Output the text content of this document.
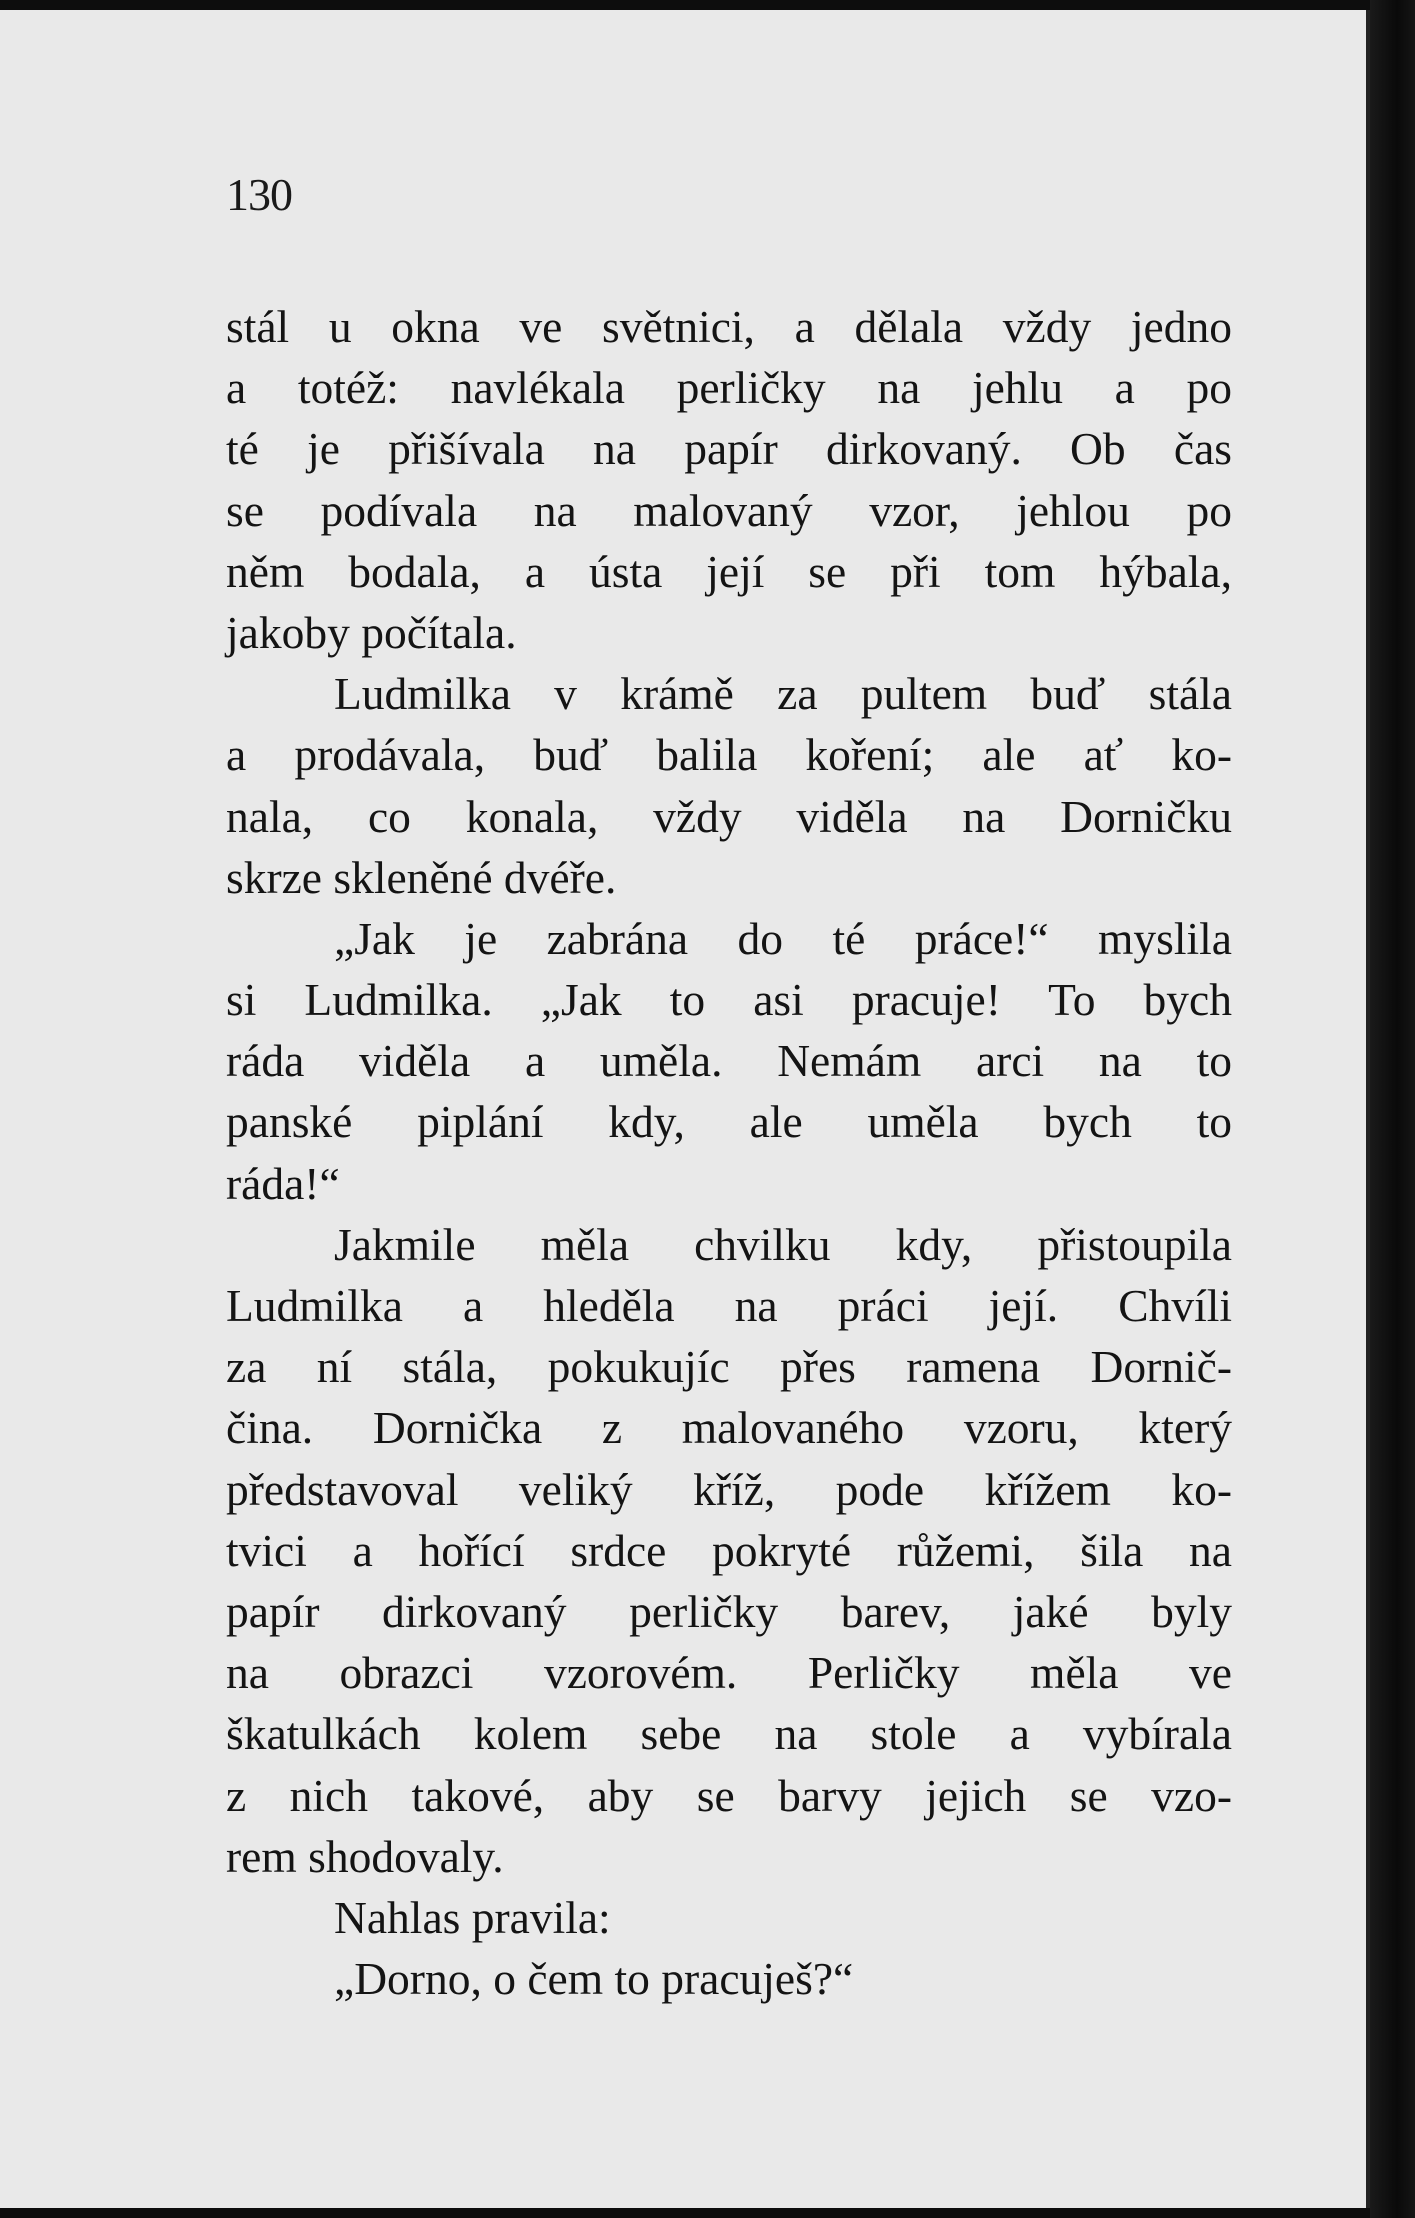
130
stál u okna ve světnici, a dělala vždy jedno
a totéž: navlékala perličky na jehlu a po
té je přišívala na papír dirkovaný. Ob čas
se podívala na malovaný vzor, jehlou po
něm bodala, a ústa její se při tom hýbala,
jakoby počítala.
Ludmilka v krámě za pultem buď stála
a prodávala, buď balila koření; ale ať ko-
nala, co konala, vždy viděla na Dorničku
skrze skleněné dvéře.
„Jak je zabrána do té práce!“ myslila
si Ludmilka. „Jak to asi pracuje! To bych
ráda viděla a uměla. Nemám arci na to
panské piplání kdy, ale uměla bych to
ráda!“
Jakmile měla chvilku kdy, přistoupila
Ludmilka a hleděla na práci její. Chvíli
za ní stála, pokukujíc přes ramena Dornič-
čina. Dornička z malovaného vzoru, který
představoval veliký kříž, pode křížem ko-
tvici a hořící srdce pokryté růžemi, šila na
papír dirkovaný perličky barev, jaké byly
na obrazci vzorovém. Perličky měla ve
škatulkách kolem sebe na stole a vybírala
z nich takové, aby se barvy jejich se vzo-
rem shodovaly.
Nahlas pravila:
„Dorno, o čem to pracuješ?“
